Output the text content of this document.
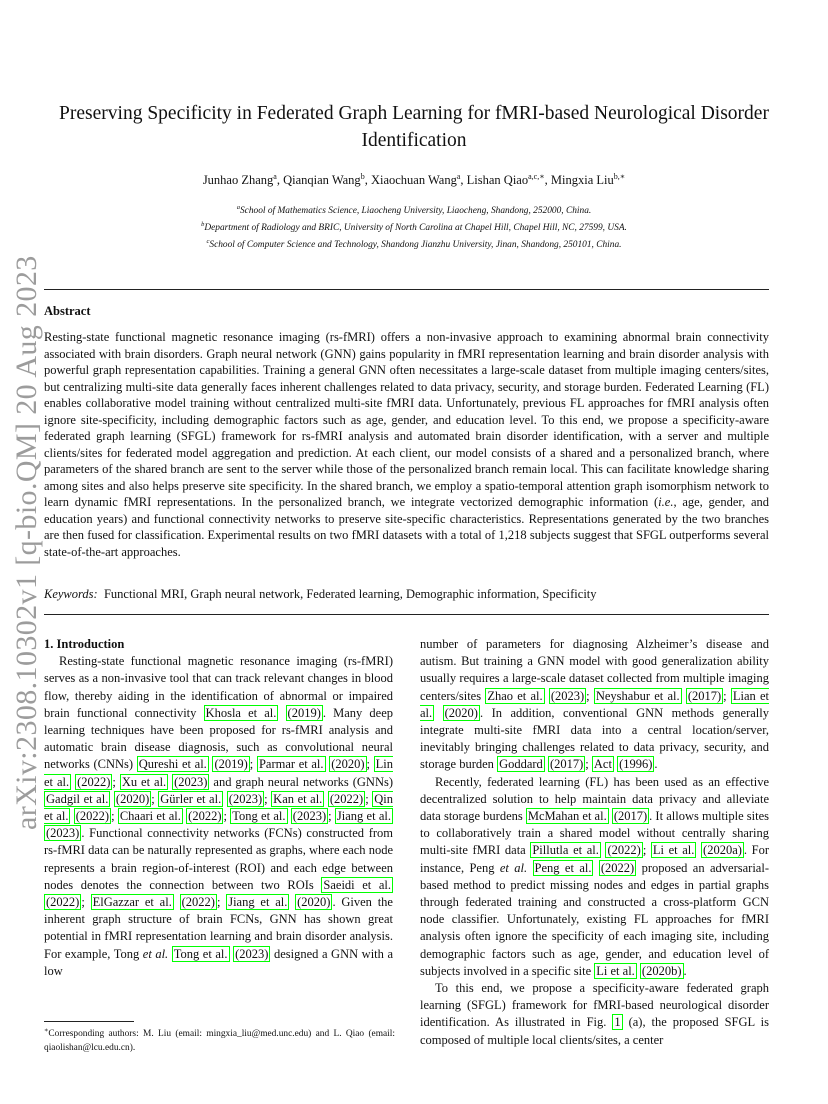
arXiv:2308.10302v1 [q-bio.QM] 20 Aug 2023
Preserving Specificity in Federated Graph Learning for fMRI-based Neurological Disorder Identification
Junhao Zhang$^a$, Qianqian Wang$^b$, Xiaochuan Wang$^a$, Lishan Qiao$^{a,c,∗}$, Mingxia Liu$^{b,∗}$
$^a$School of Mathematics Science, Liaocheng University, Liaocheng, Shandong, 252000, China.
$^b$Department of Radiology and BRIC, University of North Carolina at Chapel Hill, Chapel Hill, NC, 27599, USA.
$^c$School of Computer Science and Technology, Shandong Jianzhu University, Jinan, Shandong, 250101, China.
Abstract
Resting-state functional magnetic resonance imaging (rs-fMRI) offers a non-invasive approach to examining abnormal brain connectivity associated with brain disorders. Graph neural network (GNN) gains popularity in fMRI representation learning and brain disorder analysis with powerful graph representation capabilities. Training a general GNN often necessitates a large-scale dataset from multiple imaging centers/sites, but centralizing multi-site data generally faces inherent challenges related to data privacy, security, and storage burden. Federated Learning (FL) enables collaborative model training without centralized multi-site fMRI data. Unfortunately, previous FL approaches for fMRI analysis often ignore site-specificity, including demographic factors such as age, gender, and education level. To this end, we propose a specificity-aware federated graph learning (SFGL) framework for rs-fMRI analysis and automated brain disorder identification, with a server and multiple clients/sites for federated model aggregation and prediction. At each client, our model consists of a shared and a personalized branch, where parameters of the shared branch are sent to the server while those of the personalized branch remain local. This can facilitate knowledge sharing among sites and also helps preserve site specificity. In the shared branch, we employ a spatio-temporal attention graph isomorphism network to learn dynamic fMRI representations. In the personalized branch, we integrate vectorized demographic information (i.e., age, gender, and education years) and functional connectivity networks to preserve site-specific characteristics. Representations generated by the two branches are then fused for classification. Experimental results on two fMRI datasets with a total of 1,218 subjects suggest that SFGL outperforms several state-of-the-art approaches.
Keywords: Functional MRI, Graph neural network, Federated learning, Demographic information, Specificity

1. Introduction

Resting-state functional magnetic resonance imaging (rs-fMRI) serves as a non-invasive tool that can track relevant changes in blood flow, thereby aiding in the identification of abnormal or impaired brain functional connectivity Khosla et al. (2019) . Many deep learning techniques have been proposed for rs-fMRI analysis and automatic brain disease diagnosis, such as convolutional neural networks (CNNs) Qureshi et al. (2019) ; Parmar et al. (2020) ; Lin et al. (2022) ; Xu et al. (2023) and graph neural networks (GNNs) Gadgil et al. (2020) ; Gürler et al. (2023) ; Kan et al. (2022) ; Qin et al. (2022) ; Chaari et al. (2022) ; Tong et al. (2023) ; Jiang et al. (2023) . Functional connectivity networks (FCNs) constructed from rs-fMRI data can be naturally represented as graphs, where each node represents a brain region-of-interest (ROI) and each edge between nodes denotes the connection between two ROIs Saeidi et al. (2022) ; ElGazzar et al. (2022) ; Jiang et al. (2020) . Given the inherent graph structure of brain FCNs, GNN has shown great potential in fMRI representation learning and brain disorder analysis. For example, Tong et al. Tong et al. (2023) designed a GNN with a low

number of parameters for diagnosing Alzheimer’s disease and autism. But training a GNN model with good generalization ability usually requires a large-scale dataset collected from multiple imaging centers/sites Zhao et al. (2023) ; Neyshabur et al. (2017) ; Lian et al. (2020) . In addition, conventional GNN methods generally integrate multi-site fMRI data into a central location/server, inevitably bringing challenges related to data privacy, security, and storage burden Goddard (2017) ; Act (1996) .

Recently, federated learning (FL) has been used as an effective decentralized solution to help maintain data privacy and alleviate data storage burdens McMahan et al. (2017) . It allows multiple sites to collaboratively train a shared model without centrally sharing multi-site fMRI data Pillutla et al. (2022) ; Li et al. (2020a) . For instance, Peng et al. Peng et al. (2022) proposed an adversarial-based method to predict missing nodes and edges in partial graphs through federated training and constructed a cross-platform GCN node classifier. Unfortunately, existing FL approaches for fMRI analysis often ignore the specificity of each imaging site, including demographic factors such as age, gender, and education level of subjects involved in a specific site Li et al. (2020b) .

To this end, we propose a specificity-aware federated graph learning (SFGL) framework for fMRI-based neurological disorder identification. As illustrated in Fig. 1 (a), the proposed SFGL is composed of multiple local clients/sites, a center

∗Corresponding authors: M. Liu (email: mingxia_liu@med.unc.edu) and L. Qiao (email: qiaolishan@lcu.edu.cn).
